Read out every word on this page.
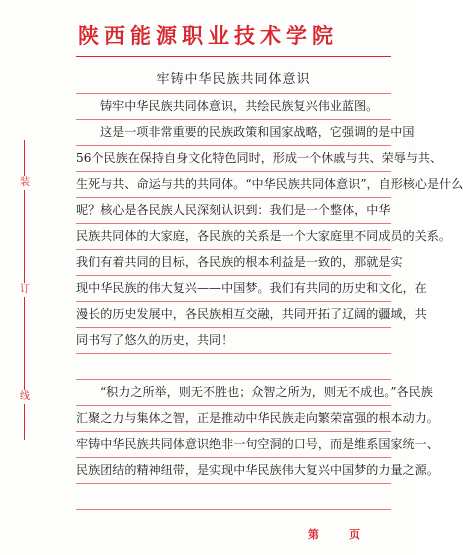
陕西能源职业技术学院
装
订
线
牢铸中华民族共同体意识
铸牢中华民族共同体意识，共绘民族复兴伟业蓝图。
这是一项非常重要的民族政策和国家战略，它强调的是中国
56个民族在保持自身文化特色同时，形成一个休戚与共、荣辱与共、
生死与共、命运与共的共同体。“中华民族共同体意识”，自形核心是什么
呢？核心是各民族人民深刻认识到：我们是一个整体，中华
民族共同体的大家庭，各民族的关系是一个大家庭里不同成员的关系。
我们有着共同的目标，各民族的根本利益是一致的，那就是实
现中华民族的伟大复兴——中国梦。我们有共同的历史和文化，在
漫长的历史发展中，各民族相互交融，共同开拓了辽阔的疆域，共
同书写了悠久的历史，共同！
“积力之所举，则无不胜也；众智之所为，则无不成也。”各民族
汇聚之力与集体之智，正是推动中华民族走向繁荣富强的根本动力。
牢铸中华民族共同体意识绝非一句空洞的口号，而是维系国家统一、
民族团结的精神纽带，是实现中华民族伟大复兴中国梦的力量之源。
第	页
